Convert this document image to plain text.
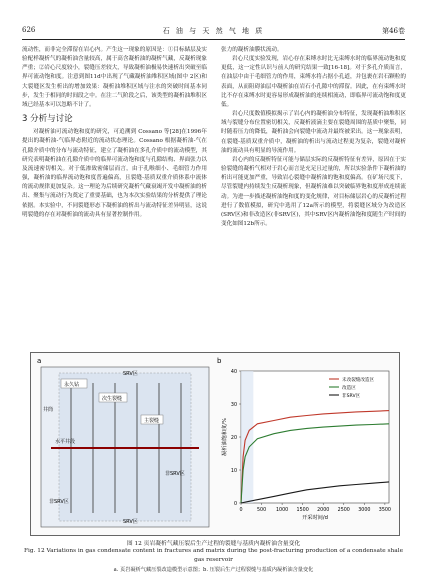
626	石 油 与 天 然 气 地 质	第46卷

流动性，而非完全滞留在岩心内。产生这一现象的原因是：①目标储层及实验配样凝析气的凝析油含量较高，属于高含凝析油的凝析气藏，反凝析现象严重；②岩心尺度较小，裂缝压差较大，导致凝析油极易快速析出突破至临界可流动饱和度。注意到图11d中出现了气藏凝析油堆积区域(图中 2区)和大裂缝区发生析出的增加效果：凝析油堆积区域与注水的突破时间基本同步，发生于相同的时间段之中。在注二气阶段之后，该类型的凝析油堆积区域已经基本可以忽略不计了。

3 分析与讨论

对凝析油可流动饱和度的研究，可追溯到 Cossano 等[28]在1996年提出的凝析油-气临界态附近的流动状态理论。Cossano 根据凝析油-气在孔隙介质中的分布与流动特征，建立了凝析油在多孔介质中的流动模型，其研究表明凝析油在孔隙介质中的临界可流动饱和度与孔隙结构、界面张力以及流速密切相关。对于低渗致密储层而言，由于孔喉细小、毛细管力作用强，凝析油的临界流动饱和度普遍偏高，且裂缝-基质双重介质体系中流体的流动规律更加复杂。这一理论为后续研究凝析气藏衰竭开发中凝析油的析出、聚集与流动行为奠定了重要基础，也为本次实验结果的分析提供了理论依据。本实验中，不同裂缝形态下凝析油的析出与流动特征差异明显，这说明裂缝的存在对凝析油的流动具有显著控制作用。

张力的凝析油膜状流动。

岩心尺度实验发现，岩心存在束缚水时比无束缚水时的临界流动饱和度更低，这一定性认识与前人的研究结果一致[16-18]。对于多孔介质而言，在油层中由于毛细管力的作用，束缚水将占据小孔道，并包裹在岩石颗粒的表面，从而阻碍油层中凝析油在岩石小孔隙中的滞留。因此，在有束缚水时比不存在束缚水时更容易形成凝析油的连续相流动，即临界可流动饱和度更低。

岩心尺度数值模拟揭示了岩心内的凝析油分布特征，发现凝析油堆积区域与裂缝分布位置密切相关，反凝析液滴主要在裂缝周围的基质中聚集，同时随着压力的降低，凝析油会向裂缝中流动并最终被采出。这一现象表明，在裂缝-基质双重介质中，凝析油的析出与流动过程更为复杂，裂缝对凝析油的流动具有明显的导流作用。

岩心内的反凝析特征可能与储层实际的反凝析特征有差异，原因在于实验裂缝的凝析气相对于岩心而言是充足且过量的，所以实验条件下凝析油的析出可能更加严重，导致岩心裂缝中凝析油的饱和度偏高。在矿场尺度下，尽管裂缝内持续发生反凝析现象，但凝析油难以突破临界饱和度形成连续流动。为进一步描述凝析油饱和度的变化规律，对目标储层岩心的反凝析过程进行了数值模拟，研究中选用了12a所示的模型，将裂缝区域分为改造区(SRV区)和非改造区(非SRV区)，其中SRV区内凝析油饱和度随生产时间的变化如图12b所示。

a
永久钻
SRV区
井筒
次生裂缝
主裂缝
水平井段
非SRV区
非SRV区
SRV区
b
0
10
20
30
40
0	500 1000 1500 2000 2500 3000 3500
开采时间/d
凝析油饱和度/%
未改裂缝改造区
改造区
非SRV区
图 12 页岩凝析气藏压裂后生产过程的裂缝与基质内凝析油含量变化
Fig. 12 Variations in gas condensate content in fractures and matrix during the post-fracturing production of a condensate shale
gas reservoir
a. 页岩凝析气藏压裂改造模型示意图；b. 压裂后生产过程裂缝与基质内凝析油含量变化
